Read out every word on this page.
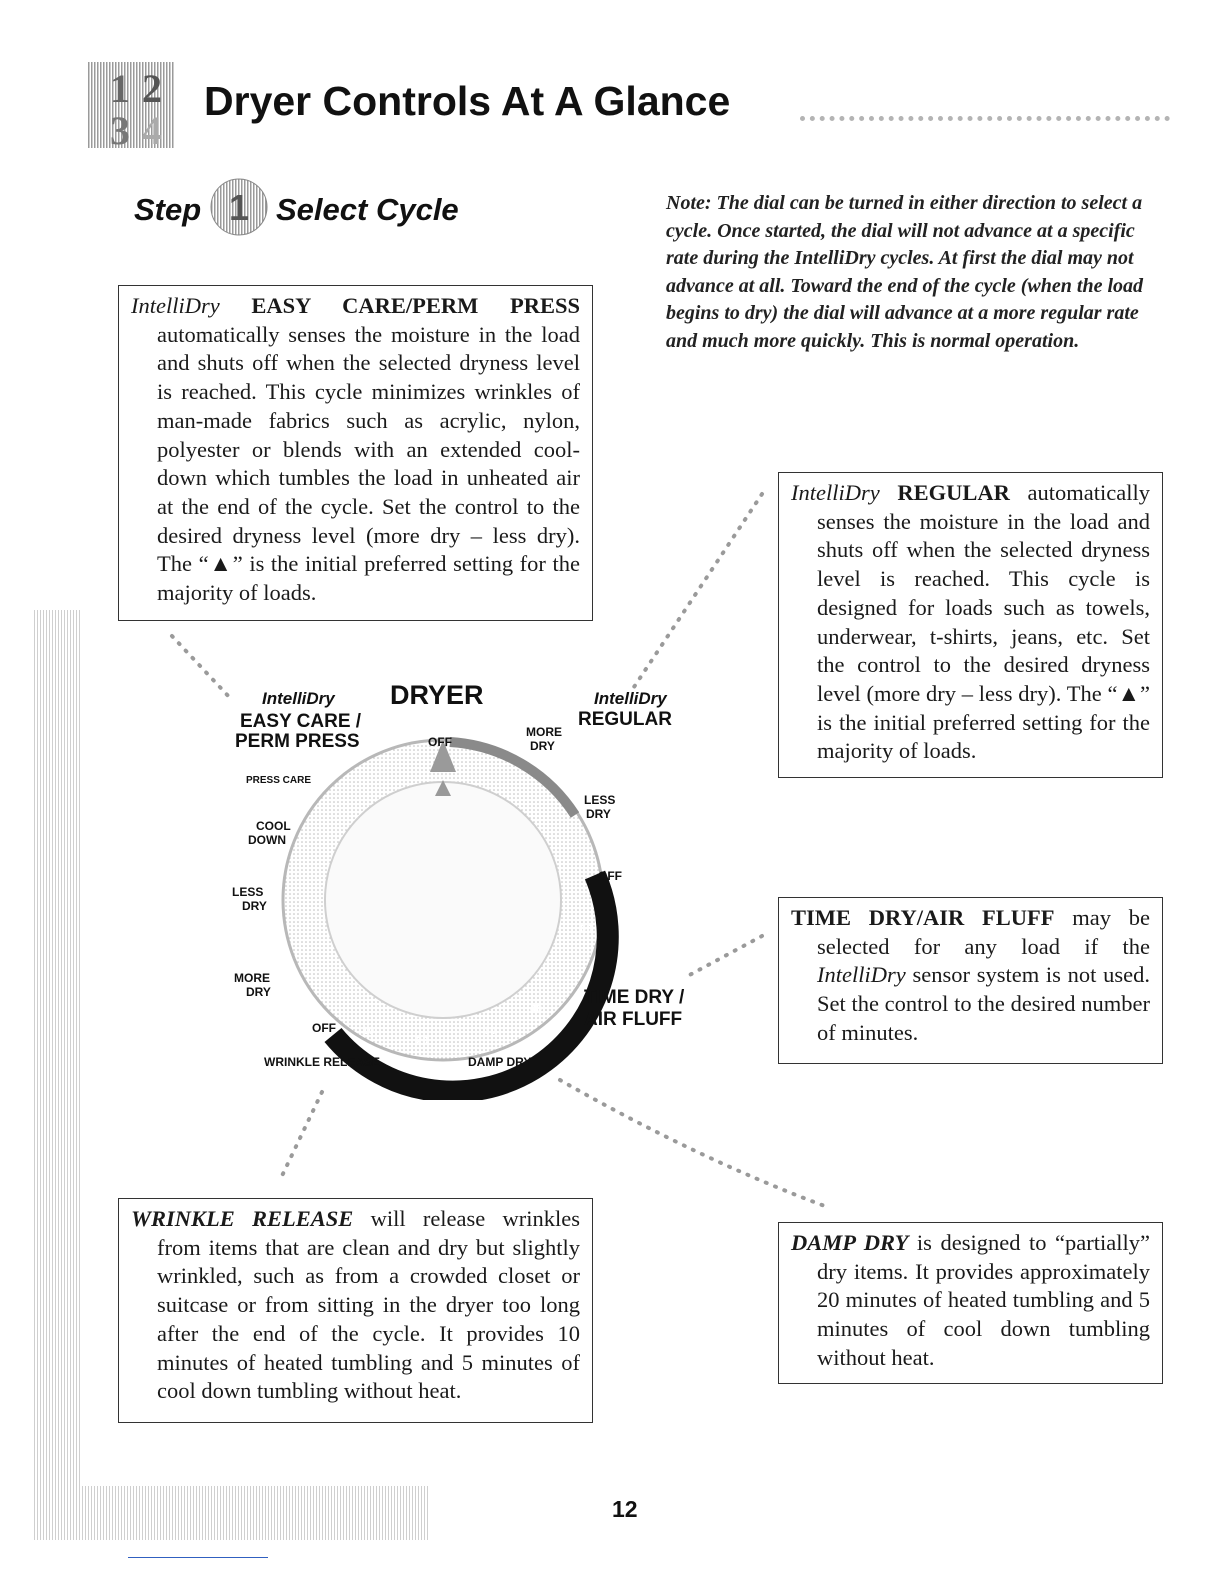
1 2
3 4
Dryer Controls At A Glance
Step 1 Select Cycle	Note: The dial can be turned in either direction to select a cycle. Once started, the dial will not advance at a specific rate during the IntelliDry cycles. At first the dial may not advance at all. Toward the end of the cycle (when the load begins to dry) the dial will advance at a more regular rate and much more quickly. This is normal operation.

IntelliDry EASY CARE/PERM PRESS automatically senses the moisture in the load and shuts off when the selected dryness level is reached. This cycle minimizes wrinkles of man-made fabrics such as acrylic, nylon, polyester or blends with an extended cool-down which tumbles the load in unheated air at the end of the cycle. Set the control to the desired dryness level (more dry – less dry). The “▲” is the initial preferred setting for the majority of loads.

IntelliDry REGULAR automatically senses the moisture in the load and shuts off when the selected dryness level is reached. This cycle is designed for loads such as towels, underwear, t-shirts, jeans, etc. Set the control to the desired dryness level (more dry – less dry). The “▲” is the initial preferred setting for the majority of loads.

TIME DRY/AIR FLUFF may be selected for any load if the IntelliDry sensor system is not used. Set the control to the desired number of minutes.

WRINKLE RELEASE will release wrinkles from items that are clean and dry but slightly wrinkled, such as from a crowded closet or suitcase or from sitting in the dryer too long after the end of the cycle. It provides 10 minutes of heated tumbling and 5 minutes of cool down tumbling without heat.

DAMP DRY is designed to “partially” dry items. It provides approximately 20 minutes of heated tumbling and 5 minutes of cool down tumbling without heat.

IntelliDry DRYER	IntelliDry
EASY CARE /
PERM PRESS
REGULAR
OFF
MORE
DRY
PRESS CARE
LESS
DRY
COOL
DOWN
OFF
LESS
DRY
MORE
DRY	TIME DRY /
AIR FLUFF
OFF
WRINKLE RELEASE	DAMP DRY
10
20
30
40
60
12
